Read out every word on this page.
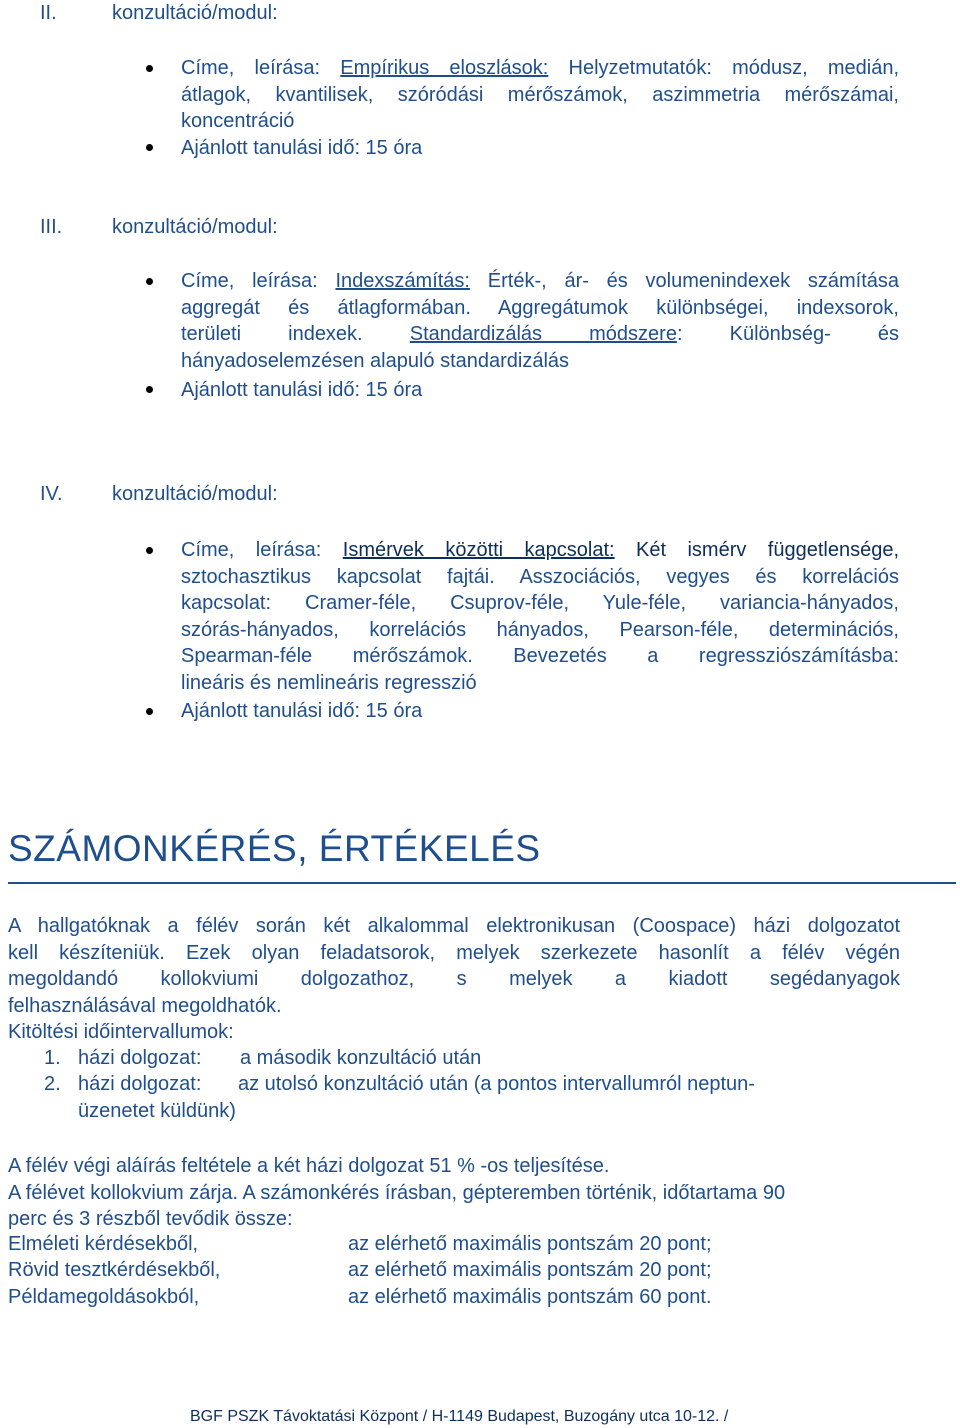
II.	konzultáció/modul:
Címe, leírása: Empírikus eloszlások: Helyzetmutatók: módusz, medián,
átlagok, kvantilisek, szóródási mérőszámok, aszimmetria mérőszámai,
koncentráció
Ajánlott tanulási idő: 15 óra
III. konzultáció/modul:
Címe, leírása: Indexszámítás: Érték-, ár- és volumenindexek számítása
aggregát és átlagformában. Aggregátumok különbségei, indexsorok,
területi indexek. Standardizálás módszere: Különbség- és
hányadoselemzésen alapuló standardizálás
Ajánlott tanulási idő: 15 óra
IV. konzultáció/modul:
Címe, leírása: Ismérvek közötti kapcsolat: Két ismérv függetlensége,
sztochasztikus kapcsolat fajtái. Asszociációs, vegyes és korrelációs
kapcsolat: Cramer-féle, Csuprov-féle, Yule-féle, variancia-hányados,
szórás-hányados, korrelációs hányados, Pearson-féle, determinációs,
Spearman-féle mérőszámok. Bevezetés a regressziószámításba:
lineáris és nemlineáris regresszió
Ajánlott tanulási idő: 15 óra
SZÁMONKÉRÉS, ÉRTÉKELÉS
A hallgatóknak a félév során két alkalommal elektronikusan (Coospace) házi dolgozatot
kell készíteniük. Ezek olyan feladatsorok, melyek szerkezete hasonlít a félév végén
megoldandó kollokviumi dolgozathoz, s melyek a kiadott segédanyagok
felhasználásával megoldhatók.
Kitöltési időintervallumok:
1. házi dolgozat: a második konzultáció után
2. házi dolgozat: az utolsó konzultáció után (a pontos intervallumról neptun-
üzenetet küldünk)
A félév végi aláírás feltétele a két házi dolgozat 51 % -os teljesítése.
A félévet kollokvium zárja. A számonkérés írásban, gépteremben történik, időtartama 90
perc és 3 részből tevődik össze:
Elméleti kérdésekből,	az elérhető maximális pontszám 20 pont;
Rövid tesztkérdésekből,	az elérhető maximális pontszám 20 pont;
Példamegoldásokból,	az elérhető maximális pontszám 60 pont.
BGF PSZK Távoktatási Központ / H-1149 Budapest, Buzogány utca 10-12. /
